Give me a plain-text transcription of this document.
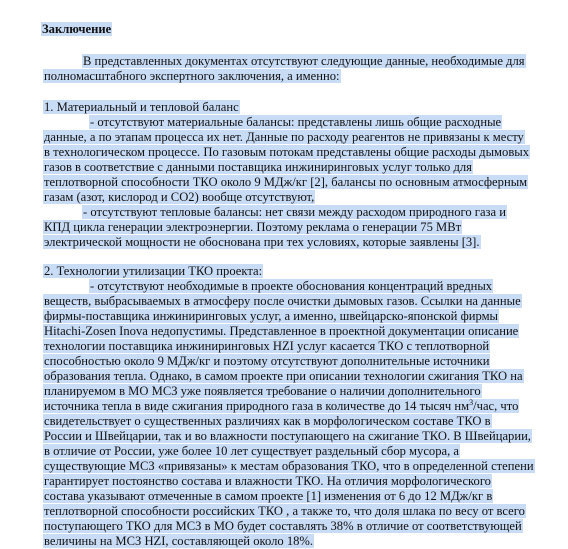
Заключение
В представленных документах отсутствуют следующие данные, необходимые для
полномасштабного экспертного заключения, а именно:
1. Материальный и тепловой баланс
- отсутствуют материальные балансы: представлены лишь общие расходные
данные, а по этапам процесса их нет. Данные по расходу реагентов не привязаны к месту
в технологическом процессе. По газовым потокам представлены общие расходы дымовых
газов в соответствие с данными поставщика инжиниринговых услуг только для
теплотворной способности ТКО около 9 МДж/кг [2], балансы по основным атмосферным
газам (азот, кислород и СО2) вообще отсутствуют,
- отсутствуют тепловые балансы: нет связи между расходом природного газа и
КПД цикла генерации электроэнергии. Поэтому реклама о генерации 75 МВт
электрической мощности не обоснована при тех условиях, которые заявлены [3].
2. Технологии утилизации ТКО проекта:
- отсутствуют необходимые в проекте обоснования концентраций вредных
веществ, выбрасываемых в атмосферу после очистки дымовых газов. Ссылки на данные
фирмы-поставщика инжиниринговых услуг, а именно, швейцарско-японской фирмы
Hitachi-Zosen Inova недопустимы. Представленное в проектной документации описание
технологии поставщика инжиниринговых HZI услуг касается ТКО с теплотворной
способностью около 9 МДж/кг и поэтому отсутствуют дополнительные источники
образования тепла. Однако, в самом проекте при описании технологии сжигания ТКО на
планируемом в МО МСЗ уже появляется требование о наличии дополнительного
источника тепла в виде сжигания природного газа в количестве до 14 тысяч $нм^3$/час, что
свидетельствует о существенных различиях как в морфологическом составе ТКО в
России и Швейцарии, так и во влажности поступающего на сжигание ТКО. В Швейцарии,
в отличие от России, уже более 10 лет существует раздельный сбор мусора, а
существующие МСЗ «привязаны» к местам образования ТКО, что в определенной степени
гарантирует постоянство состава и влажности ТКО. На отличия морфологического
состава указывают отмеченные в самом проекте [1] изменения от 6 до 12 МДж/кг в
теплотворной способности российских ТКО , а также то, что доля шлака по весу от всего
поступающего ТКО для МСЗ в МО будет составлять 38% в отличие от соответствующей
величины на МСЗ HZI, составляющей около 18%.
